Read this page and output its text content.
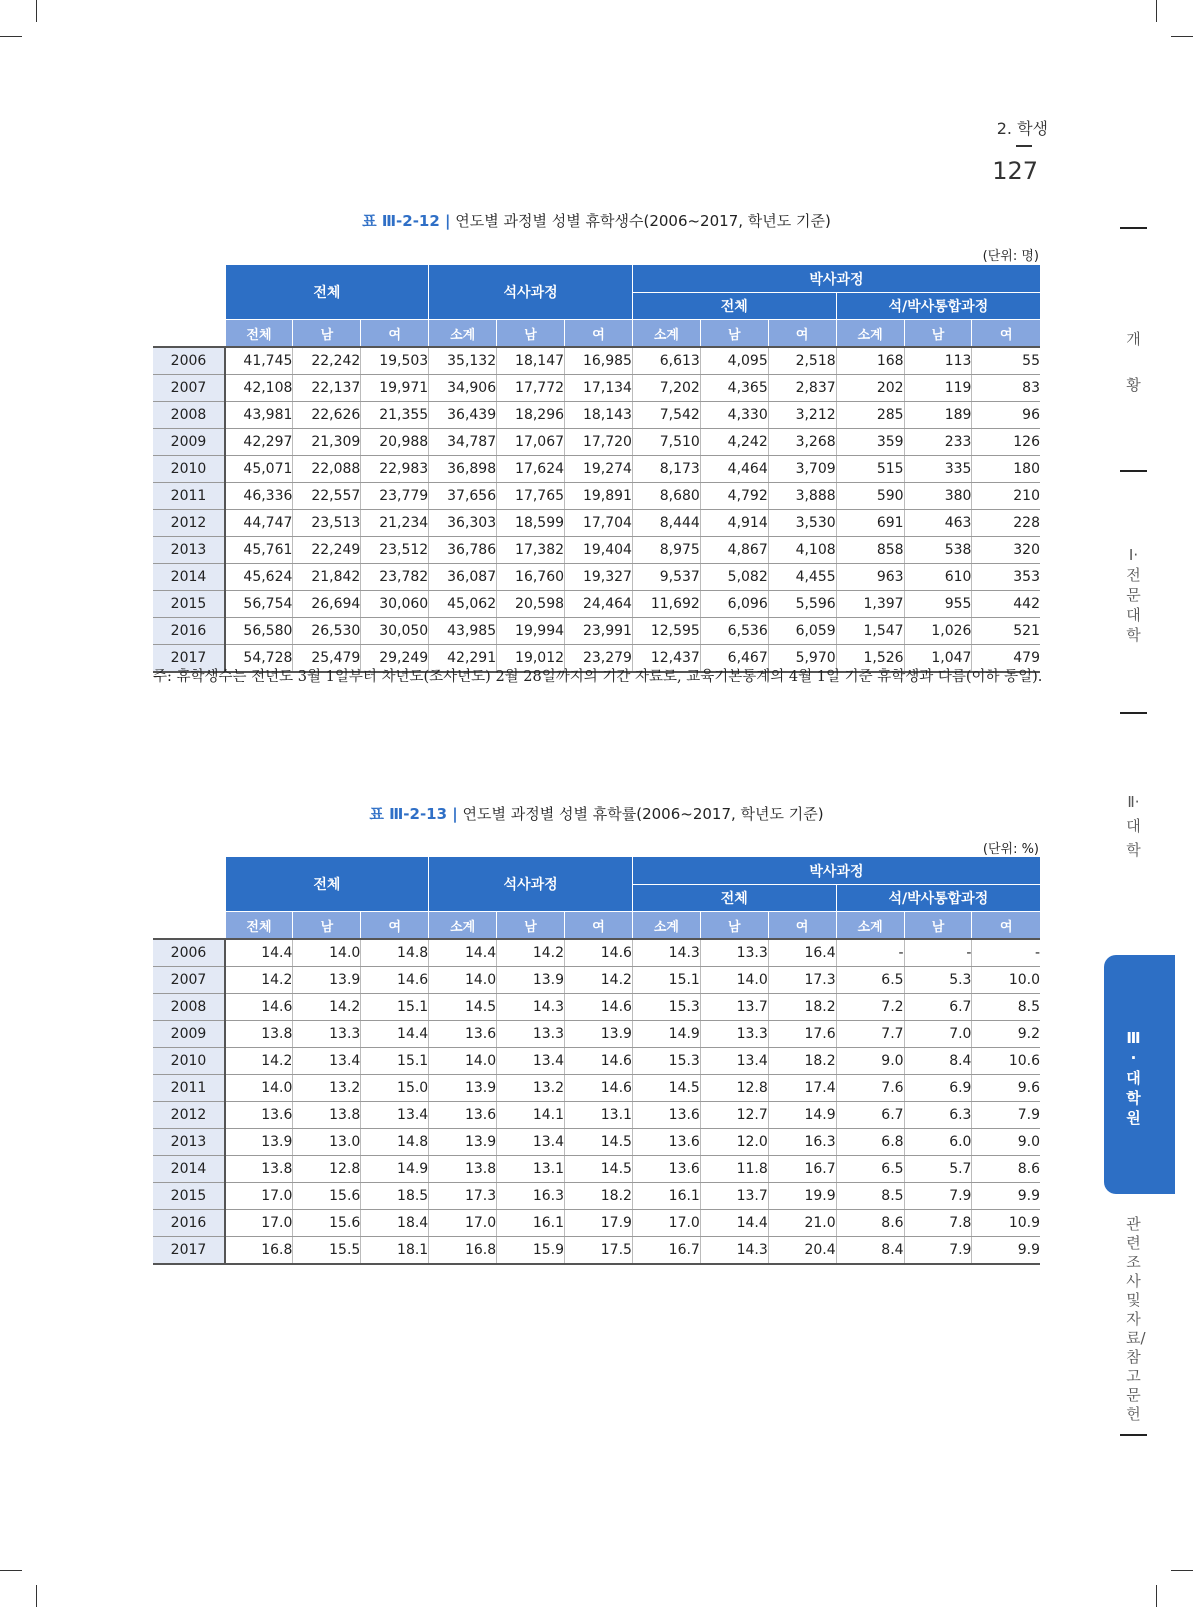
2. 학생
127
표 Ⅲ-2-12 | 연도별 과정별 성별 휴학생수(2006~2017, 학년도 기준)
(단위: 명)
	전체			석사과정			박사과정					
							전체			석/박사통합과정		
	전체	남	여	소계	남	여	소계	남	여	소계	남	여
2006	41,745	22,242	19,503	35,132	18,147	16,985	6,613	4,095	2,518	168	113	55
2007	42,108	22,137	19,971	34,906	17,772	17,134	7,202	4,365	2,837	202	119	83
2008	43,981	22,626	21,355	36,439	18,296	18,143	7,542	4,330	3,212	285	189	96
2009	42,297	21,309	20,988	34,787	17,067	17,720	7,510	4,242	3,268	359	233	126
2010	45,071	22,088	22,983	36,898	17,624	19,274	8,173	4,464	3,709	515	335	180
2011	46,336	22,557	23,779	37,656	17,765	19,891	8,680	4,792	3,888	590	380	210
2012	44,747	23,513	21,234	36,303	18,599	17,704	8,444	4,914	3,530	691	463	228
2013	45,761	22,249	23,512	36,786	17,382	19,404	8,975	4,867	4,108	858	538	320
2014	45,624	21,842	23,782	36,087	16,760	19,327	9,537	5,082	4,455	963	610	353
2015	56,754	26,694	30,060	45,062	20,598	24,464	11,692	6,096	5,596	1,397	955	442
2016	56,580	26,530	30,050	43,985	19,994	23,991	12,595	6,536	6,059	1,547	1,026	521
2017	54,728	25,479	29,249	42,291	19,012	23,279	12,437	6,467	5,970	1,526	1,047	479
주: 휴학생수는 전년도 3월 1일부터 차년도(조사년도) 2월 28일까지의 기간 자료로, 교육기본통계의 4월 1일 기준 휴학생과 다름(이하 동일).
표 Ⅲ-2-13 | 연도별 과정별 성별 휴학률(2006~2017, 학년도 기준)
(단위: %)
	전체			석사과정			박사과정					
							전체			석/박사통합과정		
	전체	남	여	소계	남	여	소계	남	여	소계	남	여
2006	14.4	14.0	14.8	14.4	14.2	14.6	14.3	13.3	16.4	-	-	-
2007	14.2	13.9	14.6	14.0	13.9	14.2	15.1	14.0	17.3	6.5	5.3	10.0
2008	14.6	14.2	15.1	14.5	14.3	14.6	15.3	13.7	18.2	7.2	6.7	8.5
2009	13.8	13.3	14.4	13.6	13.3	13.9	14.9	13.3	17.6	7.7	7.0	9.2
2010	14.2	13.4	15.1	14.0	13.4	14.6	15.3	13.4	18.2	9.0	8.4	10.6
2011	14.0	13.2	15.0	13.9	13.2	14.6	14.5	12.8	17.4	7.6	6.9	9.6
2012	13.6	13.8	13.4	13.6	14.1	13.1	13.6	12.7	14.9	6.7	6.3	7.9
2013	13.9	13.0	14.8	13.9	13.4	14.5	13.6	12.0	16.3	6.8	6.0	9.0
2014	13.8	12.8	14.9	13.8	13.1	14.5	13.6	11.8	16.7	6.5	5.7	8.6
2015	17.0	15.6	18.5	17.3	16.3	18.2	16.1	13.7	19.9	8.5	7.9	9.9
2016	17.0	15.6	18.4	17.0	16.1	17.9	17.0	14.4	21.0	8.6	7.8	10.9
2017	16.8	15.5	18.1	16.8	15.9	17.5	16.7	14.3	20.4	8.4	7.9	9.9
개황
Ⅰ·전문대학
Ⅱ·대학
Ⅲ·대학원
관련조사 및 자료/참고문헌
